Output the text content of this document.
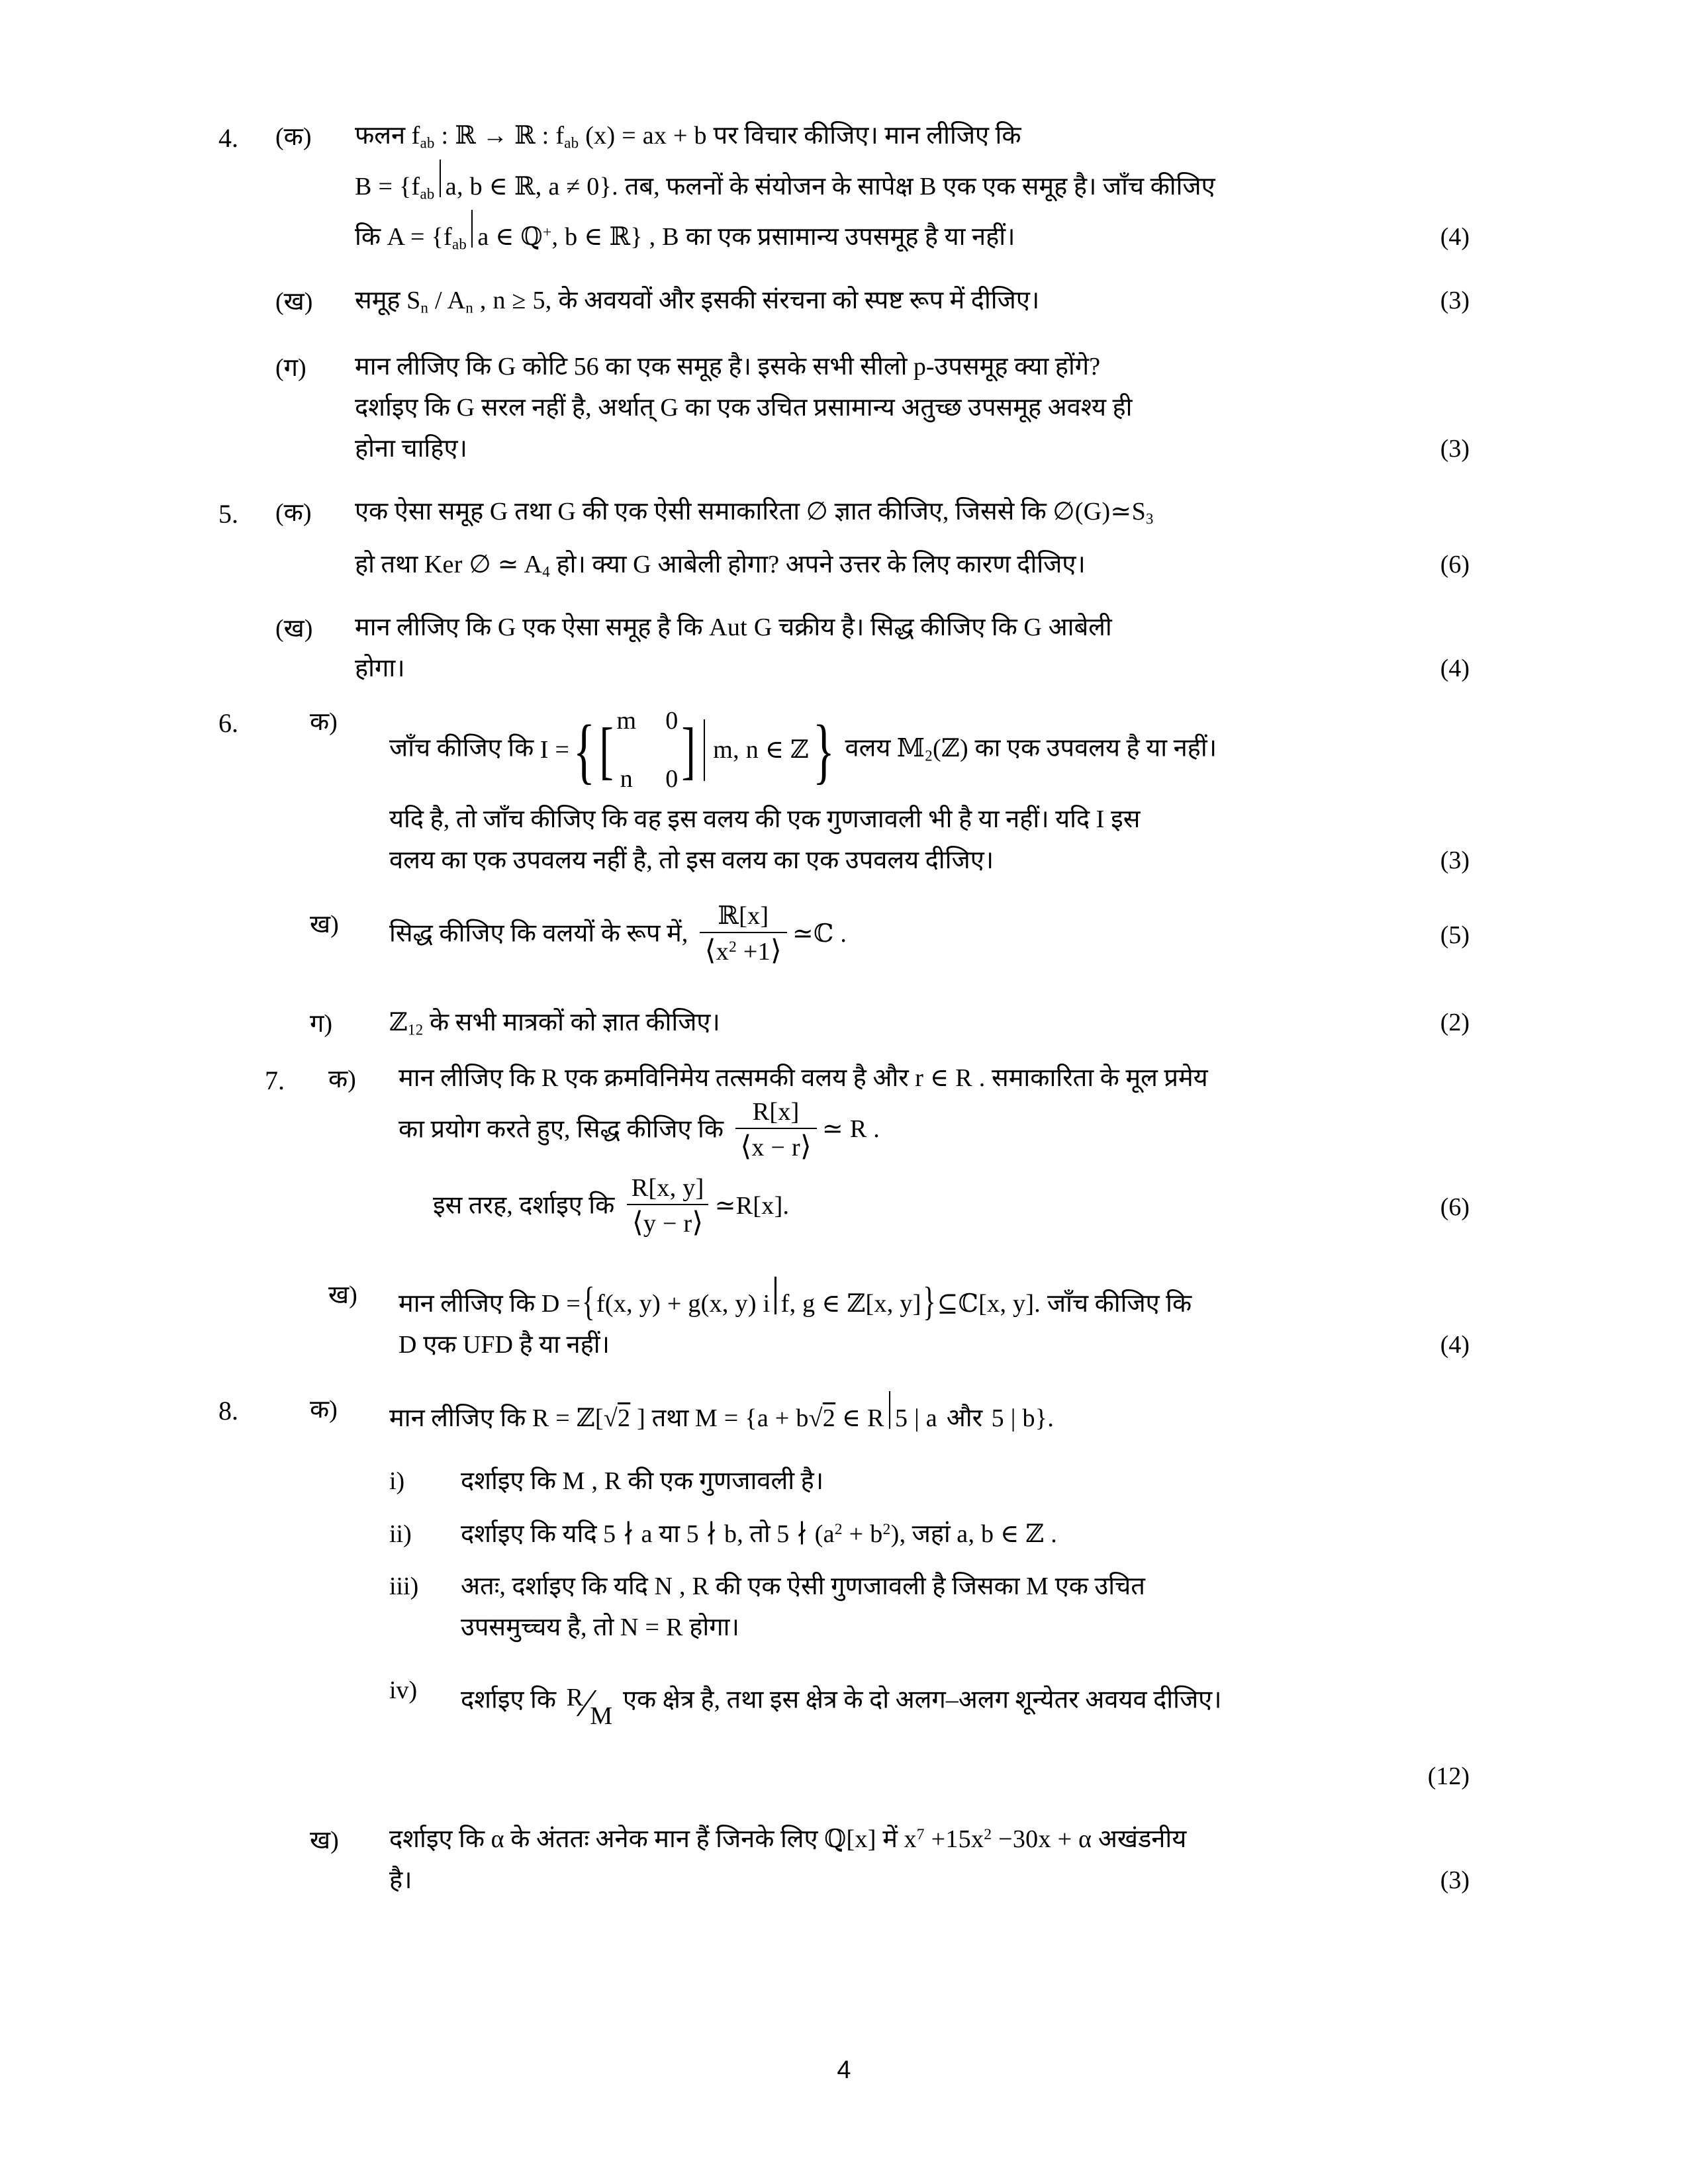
4.	(क)	फलन $f_{ab}$ : ℝ → ℝ : $f_{ab}$ (x) = ax + b पर विचार कीजिए। मान लीजिए कि

$B = \{f_{ab}$ a, b ∈ ℝ, a ≠ 0}. तब, फलनों के संयोजन के सापेक्ष B एक एक समूह है। जाँच कीजिए

कि $A = \{f_{ab}$ a ∈ ℚ+, b ∈ ℝ} , B का एक प्रसामान्य उपसमूह है या नहीं।	(4)

(ख)	समूह $S_n / A_n$ , n ≥ 5, के अवयवों और इसकी संरचना को स्पष्ट रूप में दीजिए।	(3)

(ग)	मान लीजिए कि G कोटि 56 का एक समूह है। इसके सभी सीलो p-उपसमूह क्या होंगे?

दर्शाइए कि G सरल नहीं है, अर्थात् G का एक उचित प्रसामान्य अतुच्छ उपसमूह अवश्य ही

होना चाहिए।	(3)
5.	(क)	एक ऐसा समूह G तथा G की एक ऐसी समाकारिता ∅ ज्ञात कीजिए, जिससे कि $\emptyset(G)≃S_3$

हो तथा Ker ∅ ≃ $A_4$ हो। क्या G आबेली होगा? अपने उत्तर के लिए कारण दीजिए।	(6)

(ख)	मान लीजिए कि G एक ऐसा समूह है कि Aut G चक्रीय है। सिद्ध कीजिए कि G आबेली

होगा।	(4)
6.	क)
जाँच कीजिए कि I = { [ m 0
n 0 ] m, n ∈ ℤ } वलय 𝕄$_2$(ℤ) का एक उपवलय है या नहीं।

यदि है, तो जाँच कीजिए कि वह इस वलय की एक गुणजावली भी है या नहीं। यदि I इस

वलय का एक उपवलय नहीं है, तो इस वलय का एक उपवलय दीजिए।	(3)

ख)	सिद्ध कीजिए कि वलयों के रूप में, $\frac{\text{ℝ[x]}}{⟨x^2 +1⟩}$ ≃ℂ .	(5)

ग)	ℤ$_{12}$ के सभी मात्रकों को ज्ञात कीजिए।	(2)
7.	क)	मान लीजिए कि R एक क्रमविनिमेय तत्समकी वलय है और r ∈ R . समाकारिता के मूल प्रमेय

का प्रयोग करते हुए, सिद्ध कीजिए कि $\frac{R[x]}{⟨x - r⟩}$ ≃ R .

इस तरह, दर्शाइए कि $\frac{R[x, y]}{⟨y - r⟩}$ ≃R[x].	(6)

ख)	मान लीजिए कि D ={f(x, y) + g(x, y) i f, g ∈ ℤ[x, y]}⊆ℂ[x, y]. जाँच कीजिए कि

D एक UFD है या नहीं।	(4)
8.	क)	मान लीजिए कि R = ℤ[√2 ] तथा M = {a + b√2 ∈ R 5 | a और 5 | b}.

i)	दर्शाइए कि M , R की एक गुणजावली है।
ii)	दर्शाइए कि यदि 5 ∤ a या 5 ∤ b, तो 5 ∤ $(a^2 + b^2)$, जहां a, b ∈ ℤ .
iii)	अतः, दर्शाइए कि यदि N , R की एक ऐसी गुणजावली है जिसका M एक उचित
उपसमुच्चय है, तो N = R होगा।
iv)	दर्शाइए कि R⁄M एक क्षेत्र है, तथा इस क्षेत्र के दो अलग–अलग शून्येतर अवयव दीजिए।
(12)

ख)	दर्शाइए कि α के अंततः अनेक मान हैं जिनके लिए ℚ[x] में $x^7 +15x^2 -30x + \alpha$ अखंडनीय

है।	(3)
4
